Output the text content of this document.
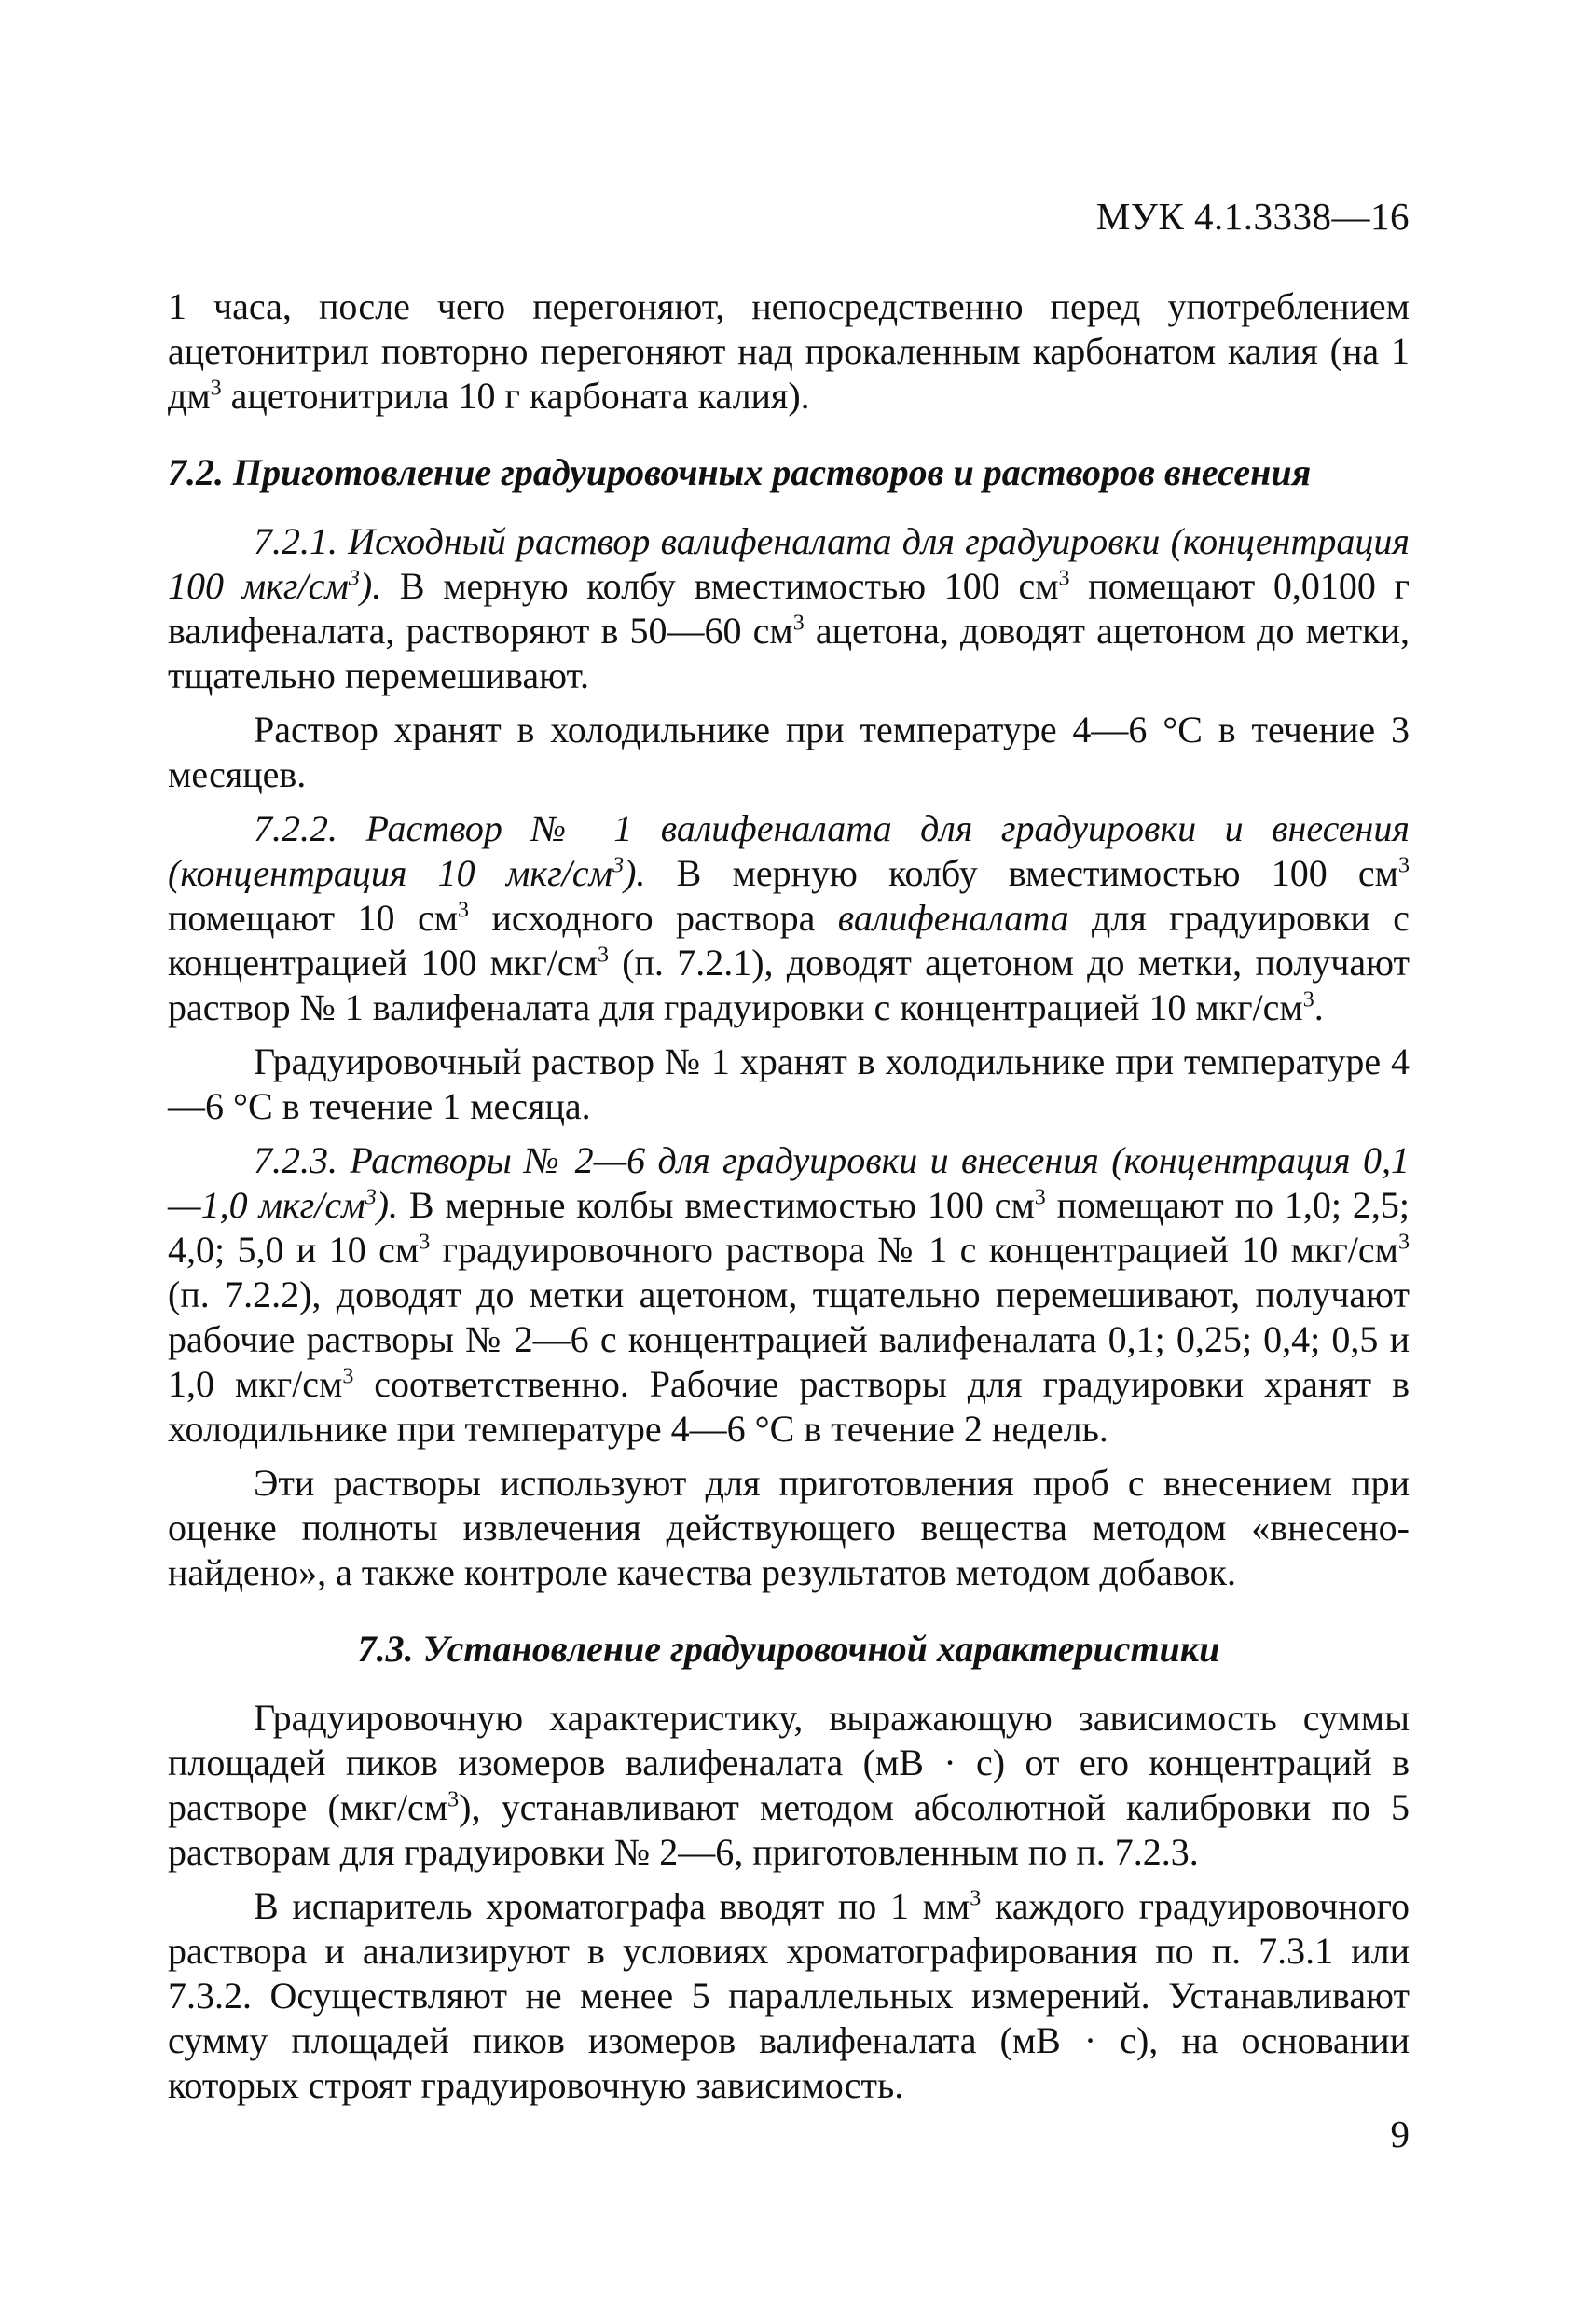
МУК 4.1.3338—16

1 часа, после чего перегоняют, непосредственно перед употреблением ацетонитрил повторно перегоняют над прокаленным карбонатом калия (на 1 $дм^3$ ацетонитрила 10 г карбоната калия).

7.2. Приготовление градуировочных растворов и растворов внесения

7.2.1. Исходный раствор валифеналата для градуировки (концентрация 100 мкг/$см^3$). В мерную колбу вместимостью 100 $см^3$ помещают 0,0100 г валифеналата, растворяют в 50—60 $см^3$ ацетона, доводят ацетоном до метки, тщательно перемешивают.

Раствор хранят в холодильнике при температуре 4—6 °С в течение 3 месяцев.

7.2.2. Раствор № 1 валифеналата для градуировки и внесения (концентрация 10 мкг/$см^3$). В мерную колбу вместимостью 100 $см^3$ помещают 10 $см^3$ исходного раствора валифеналата для градуировки с концентрацией 100 мкг/$см^3$ (п. 7.2.1), доводят ацетоном до метки, получают раствор № 1 валифеналата для градуировки с концентрацией 10 мкг/$см^3$.

Градуировочный раствор № 1 хранят в холодильнике при температуре 4—6 °С в течение 1 месяца.

7.2.3. Растворы № 2—6 для градуировки и внесения (концентрация 0,1—1,0 мкг/$см^3$). В мерные колбы вместимостью 100 $см^3$ помещают по 1,0; 2,5; 4,0; 5,0 и 10 $см^3$ градуировочного раствора № 1 с концентрацией 10 мкг/$см^3$ (п. 7.2.2), доводят до метки ацетоном, тщательно перемешивают, получают рабочие растворы № 2—6 с концентрацией валифеналата 0,1; 0,25; 0,4; 0,5 и 1,0 мкг/$см^3$ соответственно. Рабочие растворы для градуировки хранят в холодильнике при температуре 4—6 °С в течение 2 недель.

Эти растворы используют для приготовления проб с внесением при оценке полноты извлечения действующего вещества методом «внесено-найдено», а также контроле качества результатов методом добавок.

7.3. Установление градуировочной характеристики

Градуировочную характеристику, выражающую зависимость суммы площадей пиков изомеров валифеналата (мВ · с) от его концентраций в растворе $(мкг/см^3)$, устанавливают методом абсолютной калибровки по 5 растворам для градуировки № 2—6, приготовленным по п. 7.2.3.

В испаритель хроматографа вводят по 1 $мм^3$ каждого градуировочного раствора и анализируют в условиях хроматографирования по п. 7.3.1 или 7.3.2. Осуществляют не менее 5 параллельных измерений. Устанавливают сумму площадей пиков изомеров валифеналата (мВ · с), на основании которых строят градуировочную зависимость.

9
